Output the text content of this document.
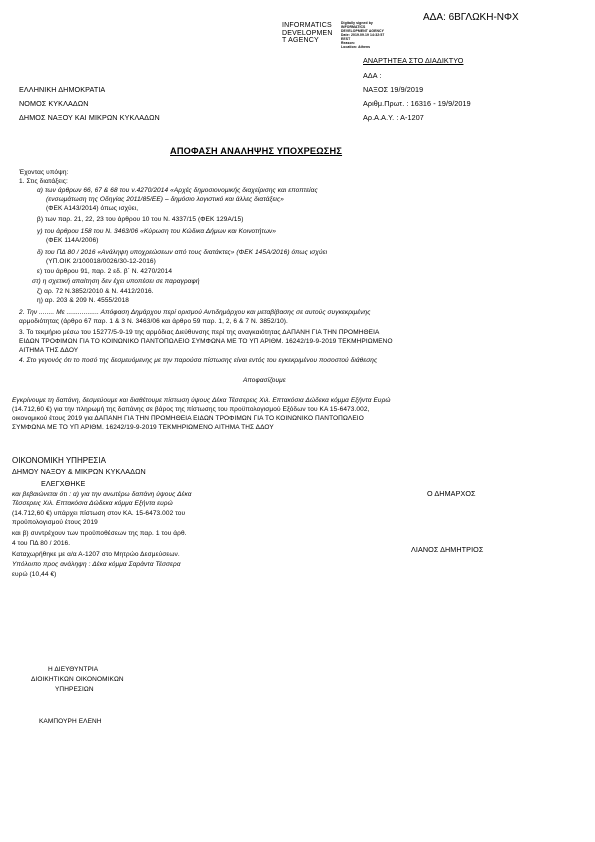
ΑΔΑ: 6ΒΓΛΩΚΗ-ΝΦΧ
INFORMATICS
DEVELOPMEN
T AGENCY
Digitally signed by
INFORMATICS
DEVELOPMENT AGENCY
Date: 2019.09.19 14:32:57
EEST
Reason:
Location: Athens
ΑΝΑΡΤΗΤΕΑ ΣΤΟ ΔΙΑΔΙΚΤΥΟ
ΑΔΑ :
ΝΑΞΟΣ 19/9/2019
Αριθμ.Πρωτ. : 16316 - 19/9/2019
Αρ.Α.Α.Υ. : Α-1207
ΕΛΛΗΝΙΚΗ ΔΗΜΟΚΡΑΤΙΑ
ΝΟΜΟΣ ΚΥΚΛΑΔΩΝ
ΔΗΜΟΣ ΝΑΞΟΥ ΚΑΙ ΜΙΚΡΩΝ ΚΥΚΛΑΔΩΝ
ΑΠΟΦΑΣΗ ΑΝΑΛΗΨΗΣ ΥΠΟΧΡΕΩΣΗΣ
Έχοντας υπόψη:
1. Στις διατάξεις:
α) των άρθρων 66, 67 & 68 του ν.4270/2014 «Αρχές δημοσιονομικής διαχείρισης και εποπτείας
(ενσωμάτωση της Οδηγίας 2011/85/ΕΕ) – δημόσιο λογιστικό και άλλες διατάξεις»
(ΦΕΚ Α143/2014) όπως ισχύει,
β) των παρ. 21, 22, 23 του άρθρου 10 του Ν. 4337/15 (ΦΕΚ 129Α/15)
γ) του άρθρου 158 του Ν. 3463/06 «Κύρωση του Κώδικα Δήμων και Κοινοτήτων»
(ΦΕΚ 114Α/2006)
δ) του ΠΔ 80 / 2016 «Ανάληψη υποχρεώσεων από τους διατάκτες» (ΦΕΚ 145Α/2016) όπως ισχύει
(ΥΠ.ΟΙΚ 2/100018/0026/30-12-2016)
ε) του άρθρου 91, παρ. 2 εδ. β΄ Ν. 4270/2014
στ) η σχετική απαίτηση δεν έχει υποπέσει σε παραγραφή
ζ) αρ. 72 Ν.3852/2010 & Ν. 4412/2016.
η) αρ. 203 & 209 Ν. 4555/2018
2. Την ........ Με ................. Απόφαση Δημάρχου περί ορισμού Αντιδημάρχου και μεταβίβασης σε αυτούς συγκεκριμένης
αρμοδιότητας (άρθρο 67 παρ. 1 & 3 Ν. 3463/06 και άρθρο 59 παρ. 1, 2, 6 & 7 Ν. 3852/10).
3. Το τεκμήριο μέσω του 15277/5-9-19 της αρμόδιας Διεύθυνσης περί της αναγκαιότητας ΔΑΠΑΝΗ ΓΙΑ ΤΗΝ ΠΡΟΜΗΘΕΙΑ
ΕΙΔΩΝ ΤΡΟΦΙΜΩΝ ΓΙΑ ΤΟ ΚΟΙΝΩΝΙΚΟ ΠΑΝΤΟΠΩΛΕΙΟ ΣΥΜΦΩΝΑ ΜΕ ΤΟ ΥΠ ΑΡΙΘΜ. 16242/19-9-2019 ΤΕΚΜΗΡΙΩΜΕΝΟ
ΑΙΤΗΜΑ ΤΗΣ ΔΔΟΥ
4. Στο γεγονός ότι το ποσό της δεσμευόμενης με την παρούσα πίστωσης είναι εντός του εγκεκριμένου ποσοστού διάθεσης
Αποφασίζουμε
Εγκρίνουμε τη δαπάνη, δεσμεύουμε και διαθέτουμε πίστωση ύψους Δέκα Τέσσερεις Χιλ. Επτακόσια Δώδεκα κόμμα Εξήντα Ευρώ
(14.712,60 €) για την πληρωμή της δαπάνης σε βάρος της πίστωσης του προϋπολογισμού Εξόδων του ΚΑ 15-6473.002,
οικονομικού έτους 2019 για ΔΑΠΑΝΗ ΓΙΑ ΤΗΝ ΠΡΟΜΗΘΕΙΑ ΕΙΔΩΝ ΤΡΟΦΙΜΩΝ ΓΙΑ ΤΟ ΚΟΙΝΩΝΙΚΟ ΠΑΝΤΟΠΩΛΕΙΟ
ΣΥΜΦΩΝΑ ΜΕ ΤΟ ΥΠ ΑΡΙΘΜ. 16242/19-9-2019 ΤΕΚΜΗΡΙΩΜΕΝΟ ΑΙΤΗΜΑ ΤΗΣ ΔΔΟΥ
ΟΙΚΟΝΟΜΙΚΗ ΥΠΗΡΕΣΙΑ
ΔΗΜΟΥ ΝΑΞΟΥ & ΜΙΚΡΩΝ ΚΥΚΛΑΔΩΝ
ΕΛΕΓΧΘΗΚΕ
και βεβαιώνεται ότι : α) για την ανωτέρω δαπάνη ύψους Δέκα
Τέσσερεις Χιλ. Επτακόσια Δώδεκα κόμμα Εξήντα ευρώ
(14.712,60 €) υπάρχει πίστωση στον ΚΑ. 15-6473.002 του
προϋπολογισμού έτους 2019
και β) συντρέχουν των προϋποθέσεων της παρ. 1 του άρθ.
4 του ΠΔ 80 / 2016.
Καταχωρήθηκε με α/α Α-1207 στο Μητρώο Δεσμεύσεων.
Υπόλοιπο προς ανάληψη : Δέκα κόμμα Σαράντα Τέσσερα
ευρώ (10,44 €)
Ο ΔΗΜΑΡΧΟΣ
ΛΙΑΝΟΣ ΔΗΜΗΤΡΙΟΣ
Η ΔΙΕΥΘΥΝΤΡΙΑ
ΔΙΟΙΚΗΤΙΚΩΝ ΟΙΚΟΝΟΜΙΚΩΝ
ΥΠΗΡΕΣΙΩΝ
ΚΑΜΠΟΥΡΗ ΕΛΕΝΗ
